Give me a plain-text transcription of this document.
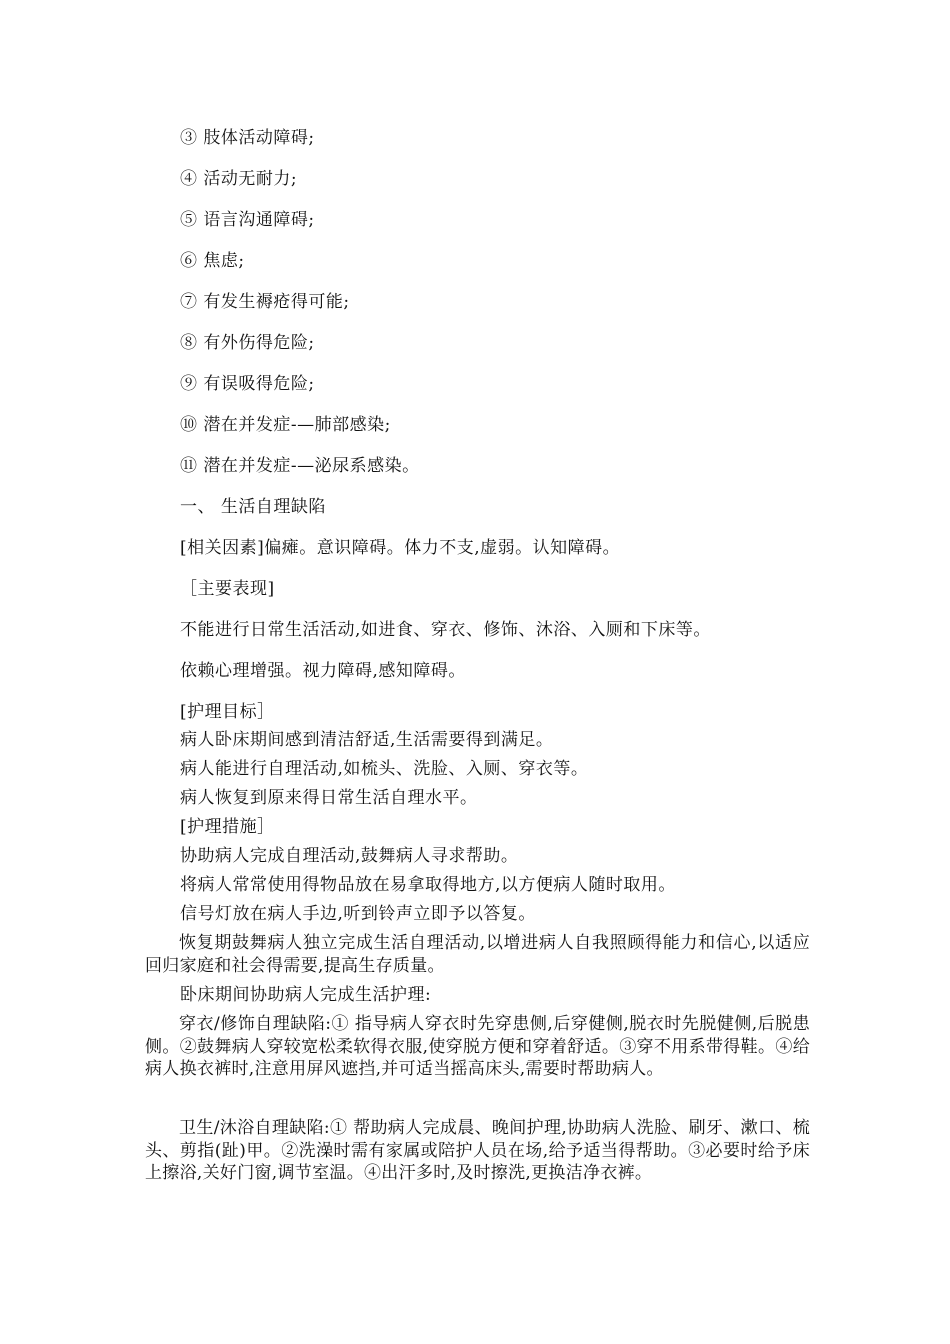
③ 肢体活动障碍;
④ 活动无耐力;
⑤ 语言沟通障碍;
⑥ 焦虑;
⑦ 有发生褥疮得可能;
⑧ 有外伤得危险;
⑨ 有误吸得危险;
⑩ 潜在并发症-—肺部感染;
⑪ 潜在并发症-—泌尿系感染。
一、 生活自理缺陷
[相关因素]偏瘫。意识障碍。体力不支,虚弱。认知障碍。
［主要表现]
不能进行日常生活活动,如进食、穿衣、修饰、沐浴、入厕和下床等。
依赖心理增强。视力障碍,感知障碍。
[护理目标］
病人卧床期间感到清洁舒适,生活需要得到满足。
病人能进行自理活动,如梳头、洗脸、入厕、穿衣等。
病人恢复到原来得日常生活自理水平。
[护理措施］
协助病人完成自理活动,鼓舞病人寻求帮助。
将病人常常使用得物品放在易拿取得地方,以方便病人随时取用。
信号灯放在病人手边,听到铃声立即予以答复。
恢复期鼓舞病人独立完成生活自理活动,以增进病人自我照顾得能力和信心,以适应回归家庭和社会得需要,提高生存质量。
卧床期间协助病人完成生活护理:
穿衣/修饰自理缺陷:① 指导病人穿衣时先穿患侧,后穿健侧,脱衣时先脱健侧,后脱患侧。②鼓舞病人穿较宽松柔软得衣服,使穿脱方便和穿着舒适。③穿不用系带得鞋。④给病人换衣裤时,注意用屏风遮挡,并可适当摇高床头,需要时帮助病人。
卫生/沐浴自理缺陷:① 帮助病人完成晨、晚间护理,协助病人洗脸、刷牙、漱口、梳头、剪指(趾)甲。②洗澡时需有家属或陪护人员在场,给予适当得帮助。③必要时给予床上擦浴,关好门窗,调节室温。④出汗多时,及时擦洗,更换洁净衣裤。
